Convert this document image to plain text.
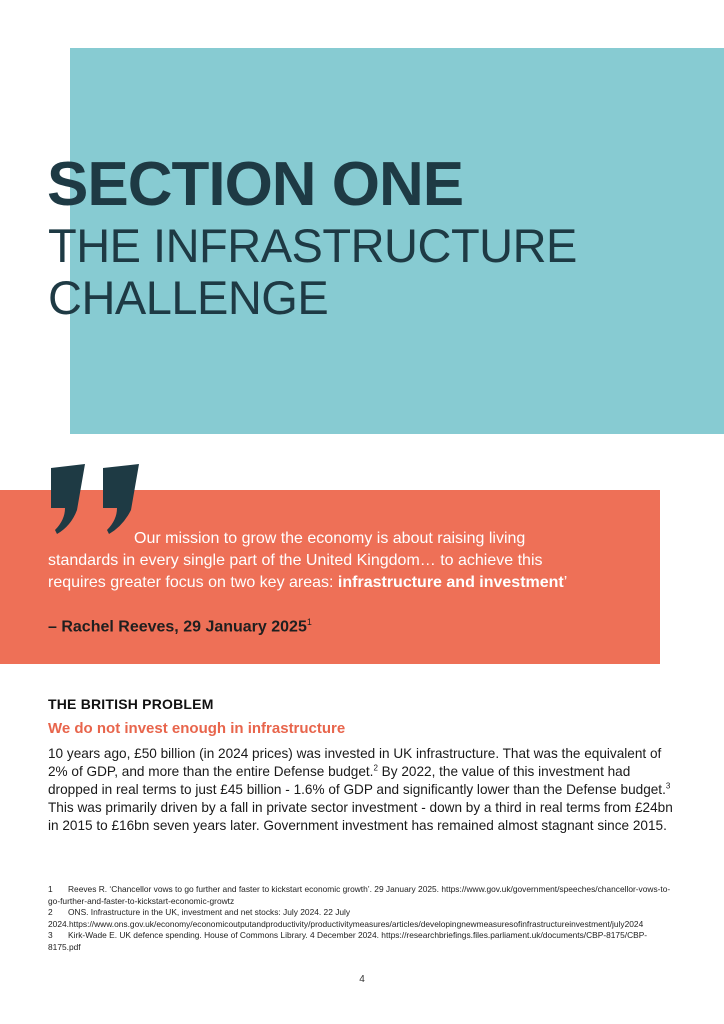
SECTION ONE
THE INFRASTRUCTURE
CHALLENGE

Our mission to grow the economy is about raising living
standards in every single part of the United Kingdom… to achieve this
requires greater focus on two key areas: infrastructure and investment’

– Rachel Reeves, 29 January 2025$^1$

THE BRITISH PROBLEM
We do not invest enough in infrastructure

10 years ago, £50 billion (in 2024 prices) was invested in UK infrastructure. That was the equivalent of 2% of GDP, and more than the entire Defense budget.$^2$ By 2022, the value of this investment had dropped in real terms to just £45 billion - 1.6% of GDP and significantly lower than the Defense budget.$^3$ This was primarily driven by a fall in private sector investment - down by a third in real terms from £24bn in 2015 to £16bn seven years later. Government investment has remained almost stagnant since 2015.

1 Reeves R. ‘Chancellor vows to go further and faster to kickstart economic growth’. 29 January 2025. https://www.gov.uk/government/speeches/chancellor-vows-to-go-further-and-faster-to-kickstart-economic-growtz
2 ONS. Infrastructure in the UK, investment and net stocks: July 2024. 22 July 2024.https://www.ons.gov.uk/economy/economicoutputandproductivity/productivitymeasures/articles/developingnewmeasuresofinfrastructureinvestment/july2024
3 Kirk-Wade E. UK defence spending. House of Commons Library. 4 December 2024. https://researchbriefings.files.parliament.uk/documents/CBP-8175/CBP-8175.pdf
4
